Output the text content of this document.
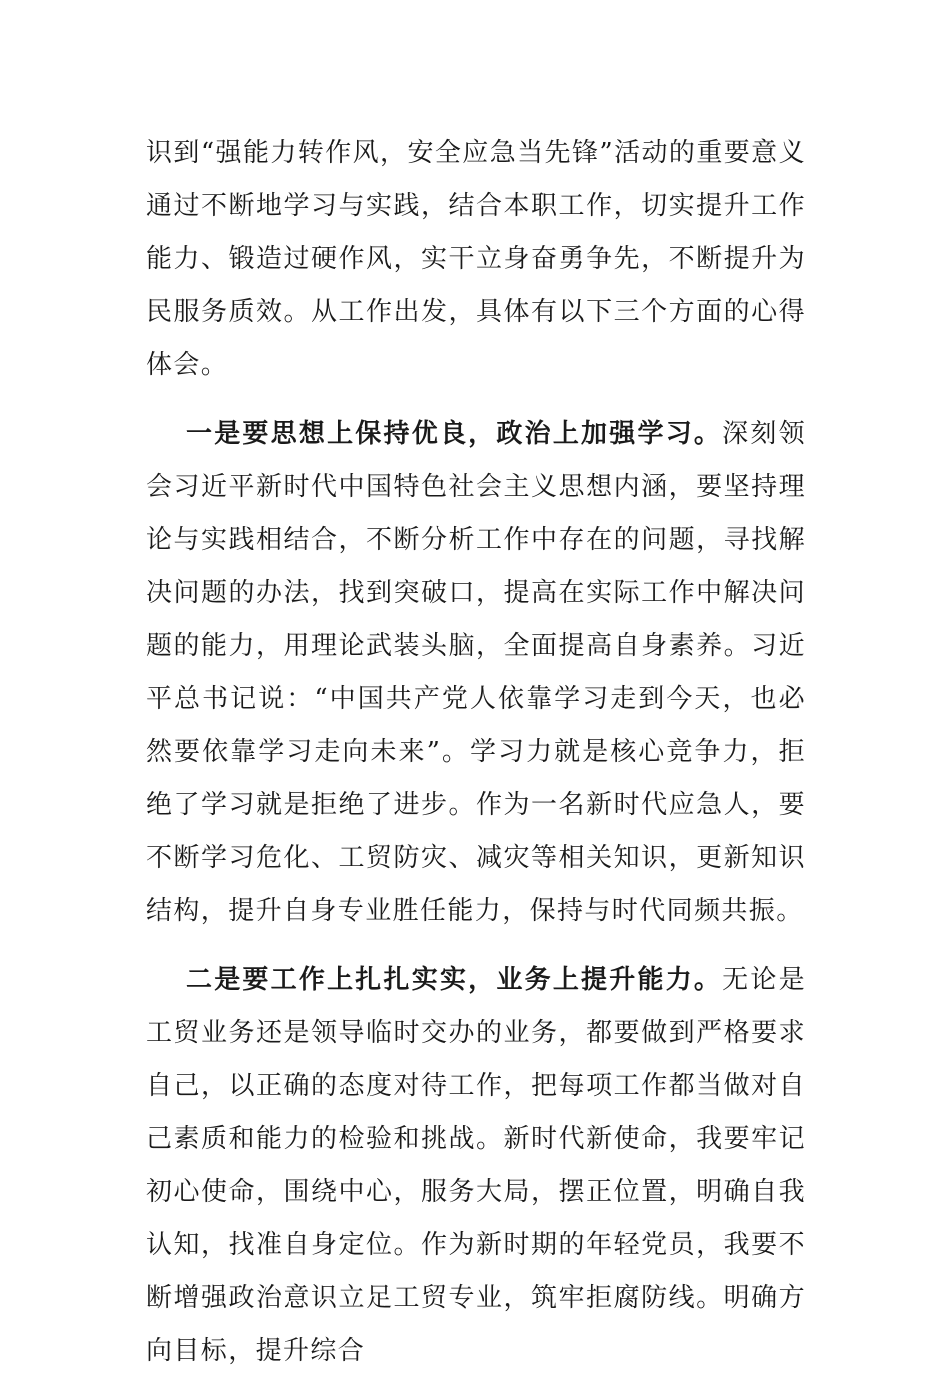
识到“强能力转作风，安全应急当先锋”活动的重要意义通过不断地学习与实践，结合本职工作，切实提升工作能力、锻造过硬作风，实干立身奋勇争先，不断提升为民服务质效。从工作出发，具体有以下三个方面的心得体会。

一是要思想上保持优良，政治上加强学习。深刻领会习近平新时代中国特色社会主义思想内涵，要坚持理论与实践相结合，不断分析工作中存在的问题，寻找解决问题的办法，找到突破口，提高在实际工作中解决问题的能力，用理论武装头脑，全面提高自身素养。习近平总书记说：“中国共产党人依靠学习走到今天，也必然要依靠学习走向未来”。学习力就是核心竞争力，拒绝了学习就是拒绝了进步。作为一名新时代应急人，要不断学习危化、工贸防灾、减灾等相关知识，更新知识结构，提升自身专业胜任能力，保持与时代同频共振。

二是要工作上扎扎实实，业务上提升能力。无论是工贸业务还是领导临时交办的业务，都要做到严格要求自己，以正确的态度对待工作，把每项工作都当做对自己素质和能力的检验和挑战。新时代新使命，我要牢记初心使命，围绕中心，服务大局，摆正位置，明确自我认知，找准自身定位。作为新时期的年轻党员，我要不断增强政治意识立足工贸专业，筑牢拒腐防线。明确方向目标，提升综合
